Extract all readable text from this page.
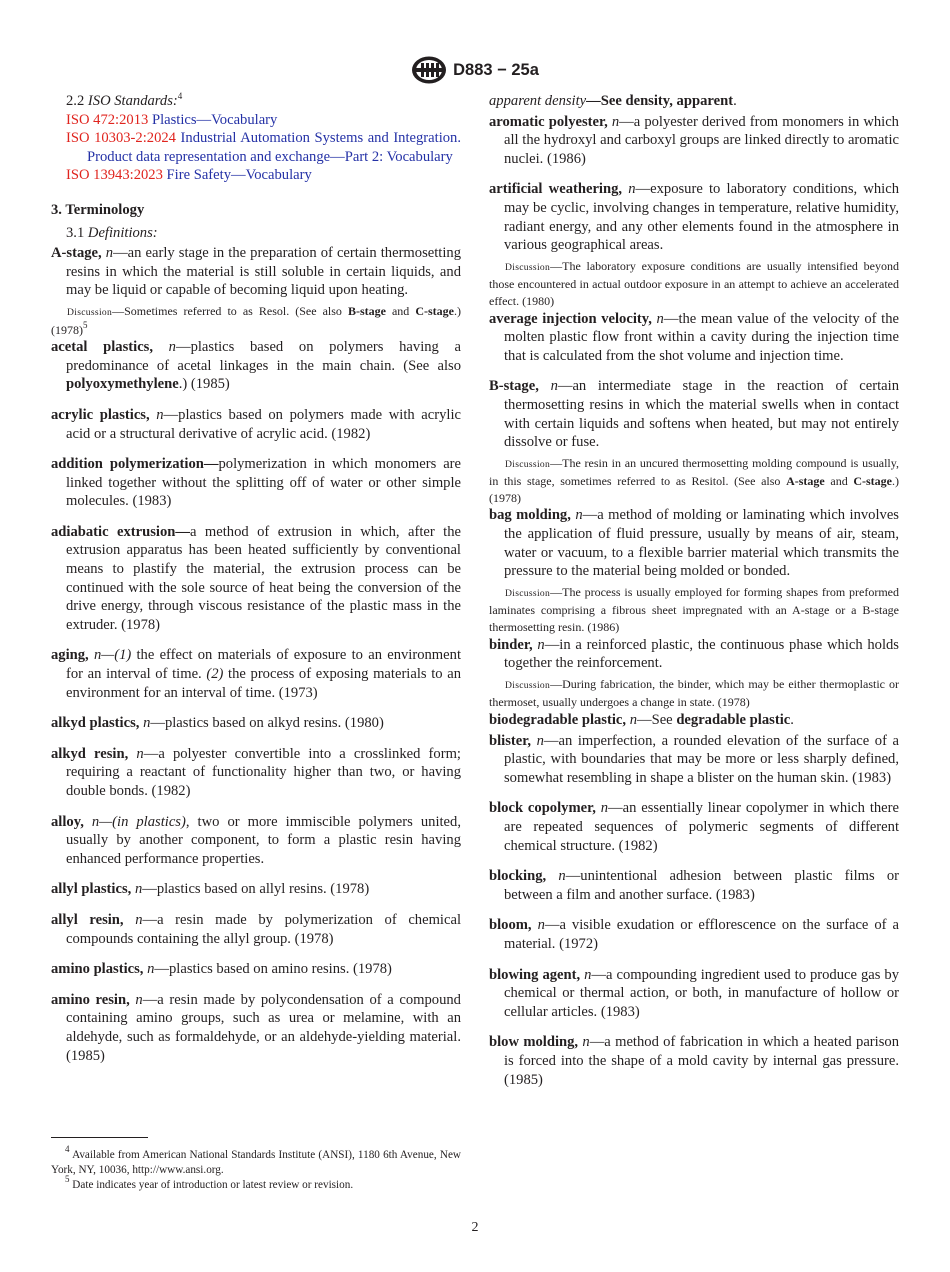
D883 − 25a

2.2 ISO Standards:$^4$

ISO 472:2013 Plastics—Vocabulary

ISO 10303-2:2024 Industrial Automation Systems and Integration. Product data representation and exchange—Part 2: Vocabulary

ISO 13943:2023 Fire Safety—Vocabulary

3. Terminology

3.1 Definitions:

A-stage, n—an early stage in the preparation of certain thermosetting resins in which the material is still soluble in certain liquids, and may be liquid or capable of becoming liquid upon heating.

Discussion—Sometimes referred to as Resol. (See also B-stage and C-stage.) $(1978)^5$

acetal plastics, n—plastics based on polymers having a predominance of acetal linkages in the main chain. (See also polyoxymethylene.) (1985)

acrylic plastics, n—plastics based on polymers made with acrylic acid or a structural derivative of acrylic acid. (1982)

addition polymerization—polymerization in which monomers are linked together without the splitting off of water or other simple molecules. (1983)

adiabatic extrusion—a method of extrusion in which, after the extrusion apparatus has been heated sufficiently by conventional means to plastify the material, the extrusion process can be continued with the sole source of heat being the conversion of the drive energy, through viscous resistance of the plastic mass in the extruder. (1978)

aging, n—(1) the effect on materials of exposure to an environment for an interval of time. (2) the process of exposing materials to an environment for an interval of time. (1973)

alkyd plastics, n—plastics based on alkyd resins. (1980)

alkyd resin, n—a polyester convertible into a crosslinked form; requiring a reactant of functionality higher than two, or having double bonds. (1982)

alloy, n—(in plastics), two or more immiscible polymers united, usually by another component, to form a plastic resin having enhanced performance properties.

allyl plastics, n—plastics based on allyl resins. (1978)

allyl resin, n—a resin made by polymerization of chemical compounds containing the allyl group. (1978)

amino plastics, n—plastics based on amino resins. (1978)

amino resin, n—a resin made by polycondensation of a compound containing amino groups, such as urea or melamine, with an aldehyde, such as formaldehyde, or an aldehyde-yielding material. (1985)

apparent density—See density, apparent.

aromatic polyester, n—a polyester derived from monomers in which all the hydroxyl and carboxyl groups are linked directly to aromatic nuclei. (1986)

artificial weathering, n—exposure to laboratory conditions, which may be cyclic, involving changes in temperature, relative humidity, radiant energy, and any other elements found in the atmosphere in various geographical areas.

Discussion—The laboratory exposure conditions are usually intensified beyond those encountered in actual outdoor exposure in an attempt to achieve an accelerated effect. (1980)

average injection velocity, n—the mean value of the velocity of the molten plastic flow front within a cavity during the injection time that is calculated from the shot volume and injection time.

B-stage, n—an intermediate stage in the reaction of certain thermosetting resins in which the material swells when in contact with certain liquids and softens when heated, but may not entirely dissolve or fuse.

Discussion—The resin in an uncured thermosetting molding compound is usually, in this stage, sometimes referred to as Resitol. (See also A-stage and C-stage.) (1978)

bag molding, n—a method of molding or laminating which involves the application of fluid pressure, usually by means of air, steam, water or vacuum, to a flexible barrier material which transmits the pressure to the material being molded or bonded.

Discussion—The process is usually employed for forming shapes from preformed laminates comprising a fibrous sheet impregnated with an A-stage or a B-stage thermosetting resin. (1986)

binder, n—in a reinforced plastic, the continuous phase which holds together the reinforcement.

Discussion—During fabrication, the binder, which may be either thermoplastic or thermoset, usually undergoes a change in state. (1978)

biodegradable plastic, n—See degradable plastic.

blister, n—an imperfection, a rounded elevation of the surface of a plastic, with boundaries that may be more or less sharply defined, somewhat resembling in shape a blister on the human skin. (1983)

block copolymer, n—an essentially linear copolymer in which there are repeated sequences of polymeric segments of different chemical structure. (1982)

blocking, n—unintentional adhesion between plastic films or between a film and another surface. (1983)

bloom, n—a visible exudation or efflorescence on the surface of a material. (1972)

blowing agent, n—a compounding ingredient used to produce gas by chemical or thermal action, or both, in manufacture of hollow or cellular articles. (1983)

blow molding, n—a method of fabrication in which a heated parison is forced into the shape of a mold cavity by internal gas pressure. (1985)

$^4$ Available from American National Standards Institute (ANSI), 1180 6th Avenue, New York, NY, 10036, http://www.ansi.org.

$^5$ Date indicates year of introduction or latest review or revision.

2
